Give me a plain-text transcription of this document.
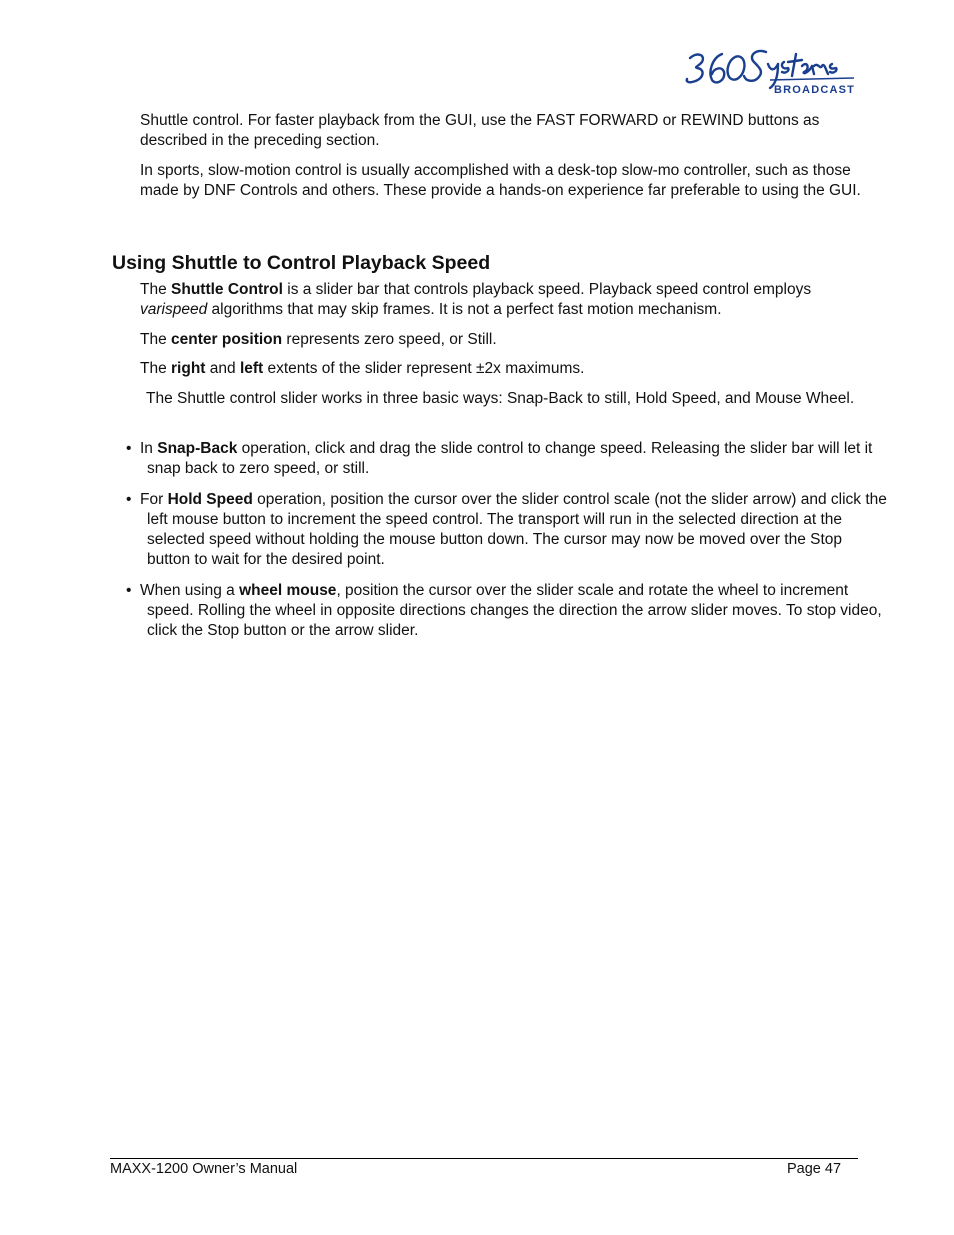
BROADCAST

Shuttle control. For faster playback from the GUI, use the FAST FORWARD or REWIND buttons as described in the preceding section.

In sports, slow-motion control is usually accomplished with a desk-top slow-mo controller, such as those made by DNF Controls and others. These provide a hands-on experience far preferable to using the GUI.

Using Shuttle to Control Playback Speed

The Shuttle Control is a slider bar that controls playback speed. Playback speed control employs varispeed algorithms that may skip frames. It is not a perfect fast motion mechanism.

The center position represents zero speed, or Still.

The right and left extents of the slider represent ±2x maximums.

The Shuttle control slider works in three basic ways: Snap-Back to still, Hold Speed, and Mouse Wheel.

• In Snap-Back operation, click and drag the slide control to change speed. Releasing the slider bar will let it snap back to zero speed, or still.

• For Hold Speed operation, position the cursor over the slider control scale (not the slider arrow) and click the left mouse button to increment the speed control. The transport will run in the selected direction at the selected speed without holding the mouse button down. The cursor may now be moved over the Stop button to wait for the desired point.

• When using a wheel mouse, position the cursor over the slider scale and rotate the wheel to increment speed. Rolling the wheel in opposite directions changes the direction the arrow slider moves. To stop video, click the Stop button or the arrow slider.

MAXX-1200 Owner’s Manual	Page 47
